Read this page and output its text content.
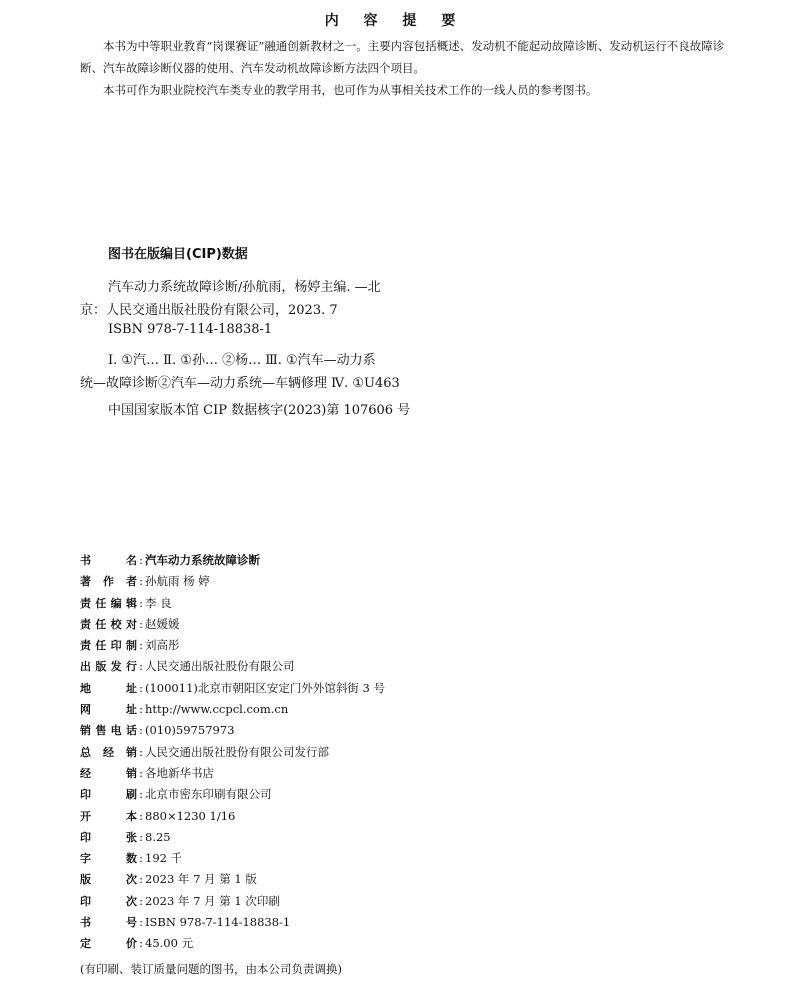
内 容 提 要
本书为中等职业教育“岗课赛证”融通创新教材之一。主要内容包括概述、发动机不能起动故障诊断、发动机运行不良故障诊断、汽车故障诊断仪器的使用、汽车发动机故障诊断方法四个项目。
本书可作为职业院校汽车类专业的教学用书，也可作为从事相关技术工作的一线人员的参考图书。
图书在版编目(CIP)数据
汽车动力系统故障诊断/孙航雨，杨婷主编. —北
京：人民交通出版社股份有限公司，2023. 7
ISBN 978-7-114-18838-1
Ⅰ. ①汽… Ⅱ. ①孙… ②杨… Ⅲ. ①汽车—动力系
统—故障诊断②汽车—动力系统—车辆修理 Ⅳ. ①U463
中国国家版本馆 CIP 数据核字(2023)第 107606 号
书名 : 汽车动力系统故障诊断
著作者 : 孙航雨 杨 婷
责任编辑 : 李 良
责任校对 : 赵媛媛
责任印制 : 刘高彤
出版发行 : 人民交通出版社股份有限公司
地址 : (100011)北京市朝阳区安定门外外馆斜街 3 号
网址 : http://www.ccpcl.com.cn
销售电话 : (010)59757973
总经销 : 人民交通出版社股份有限公司发行部
经销 : 各地新华书店
印刷 : 北京市密东印刷有限公司
开本 : 880×1230 1/16
印张 : 8.25
字数 : 192 千
版次 : 2023 年 7 月 第 1 版
印次 : 2023 年 7 月 第 1 次印刷
书号 : ISBN 978-7-114-18838-1
定价 : 45.00 元
(有印刷、装订质量问题的图书，由本公司负责调换)
